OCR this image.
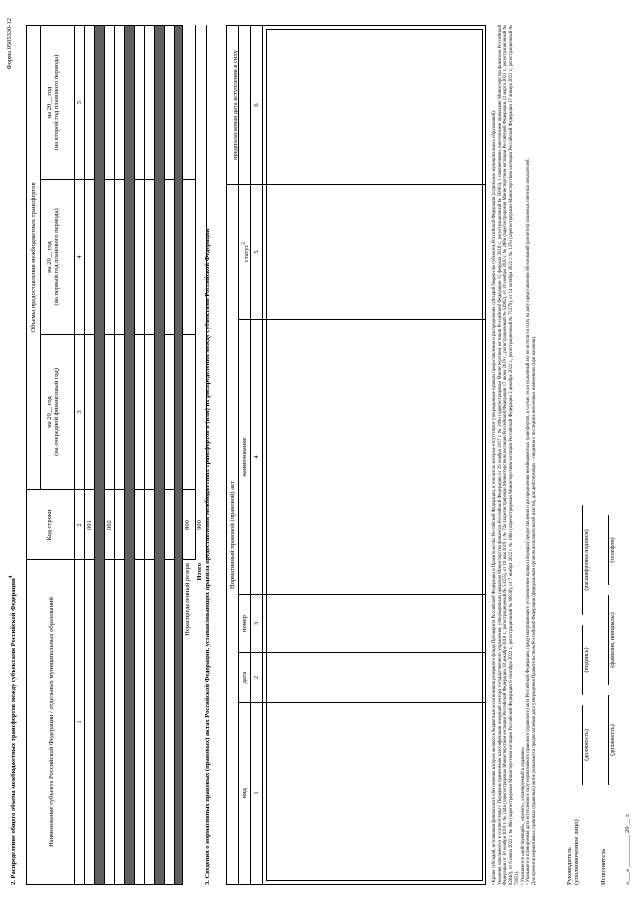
Форма 0505330-12
2. Распределение общего объема межбюджетных трансфертов между субъектами Российской Федерации$^4$
Наименование субъекта Российской Федерации / отдельных муниципальных образований
Код строки
Объемы предоставления межбюджетных трансфертов
на 20__ год
(на очередной финансовый год)
на 20__ год
(на первый год планового периода)
на 20__ год
(на второй год планового периода)
1
2
3
4
5
001 002
Нераспределенный резерв
800
Итого
900 3. Сведения о нормативных правовых (правовых) актах Российской Федерации, устанавливающих правила предоставления межбюджетных трансфертов в (или) их распределения между субъектами Российской Федерации	Нормативный правовой (правовой) акт
вид
дата
номер
наименование
статус$^5$
предполагаемая дата вступления в силу
1
2
3
4
5
6
⁴ Кроме субсидий, источником финансового обеспечения которых являются бюджетные ассигнования резервного фонда Президента Российской Федерации и Правительства Российской Федерации, в том числе которые отсутствуют утвержденные правила предоставления и распределения субсидий бюджетам субъектов Российской Федерации (отдельных муниципальных образований). Указания заполняются в соответствии с Порядком применения классификации операций сектора государственного управления, утвержденным приказом Министерства финансов Российской Федерации от 29 ноября 2017 г. № 209н (зарегистрирован Министерством юстиции Российской Федерации 12 февраля 2018 г., регистрационный № 50003), с изменениями, внесенными приказами Министерства финансов Российской Федерации от 30 ноября 2018 г. № 244н (зарегистрирован Министерством юстиции Российской Федерации 28 декабря 2018 г., регистрационный № 53255), от 16 мая 2019 г. № 72н (зарегистрирован Министерством юстиции Российской Федерации 17 июня 2019 г., регистрационный № 54962), от 20 ноября 2020 г. № 280н (зарегистрирован Министерством юстиции Российской Федерации 22 марта 2021 г., регистрационный № 62840), от 6 июня 2022 г. № 86н (зарегистрирован Министерством юстиции Российской Федерации 6 сентября 2022 г., регистрационный № 69938), от 7 ноября 2022 г. № 160н (зарегистрирован Министерством юстиции Российской Федерации 2 декабря 2022 г., регистрационный № 71279), от 14 октября 2022 г. № 137н (зарегистрирован Министерством юстиции Российской Федерации 17 января 2023 г., регистрационный № 72051). ⁵ Указывается «действующий», «проект», «планируемый к изданию». ⁶ Указывается планируемая дата вступления в силу нормативного правового (правового) акта Российской Федерации, предусматривающего установление правил (порядка) предоставления и распределения межбюджетных трансфертов, в случае, если указанный акт не вступил в силу на дату представления обоснований (расчетов) плановых сметных показателей. Для проектов нормативных правовых (правовых) актов указывается предполагаемая дата утверждения Правительством Российской Федерации (федеральным органом исполнительной власти), для действующих – сведения о последних внесенных изменениях (при наличии).	Руководитель (уполномоченное лицо)
(должность)
(подпись)
(расшифровка подписи)
Исполнитель
(должность)
(фамилия, инициалы)
(телефон)
«___» __________ 20 __ г.
